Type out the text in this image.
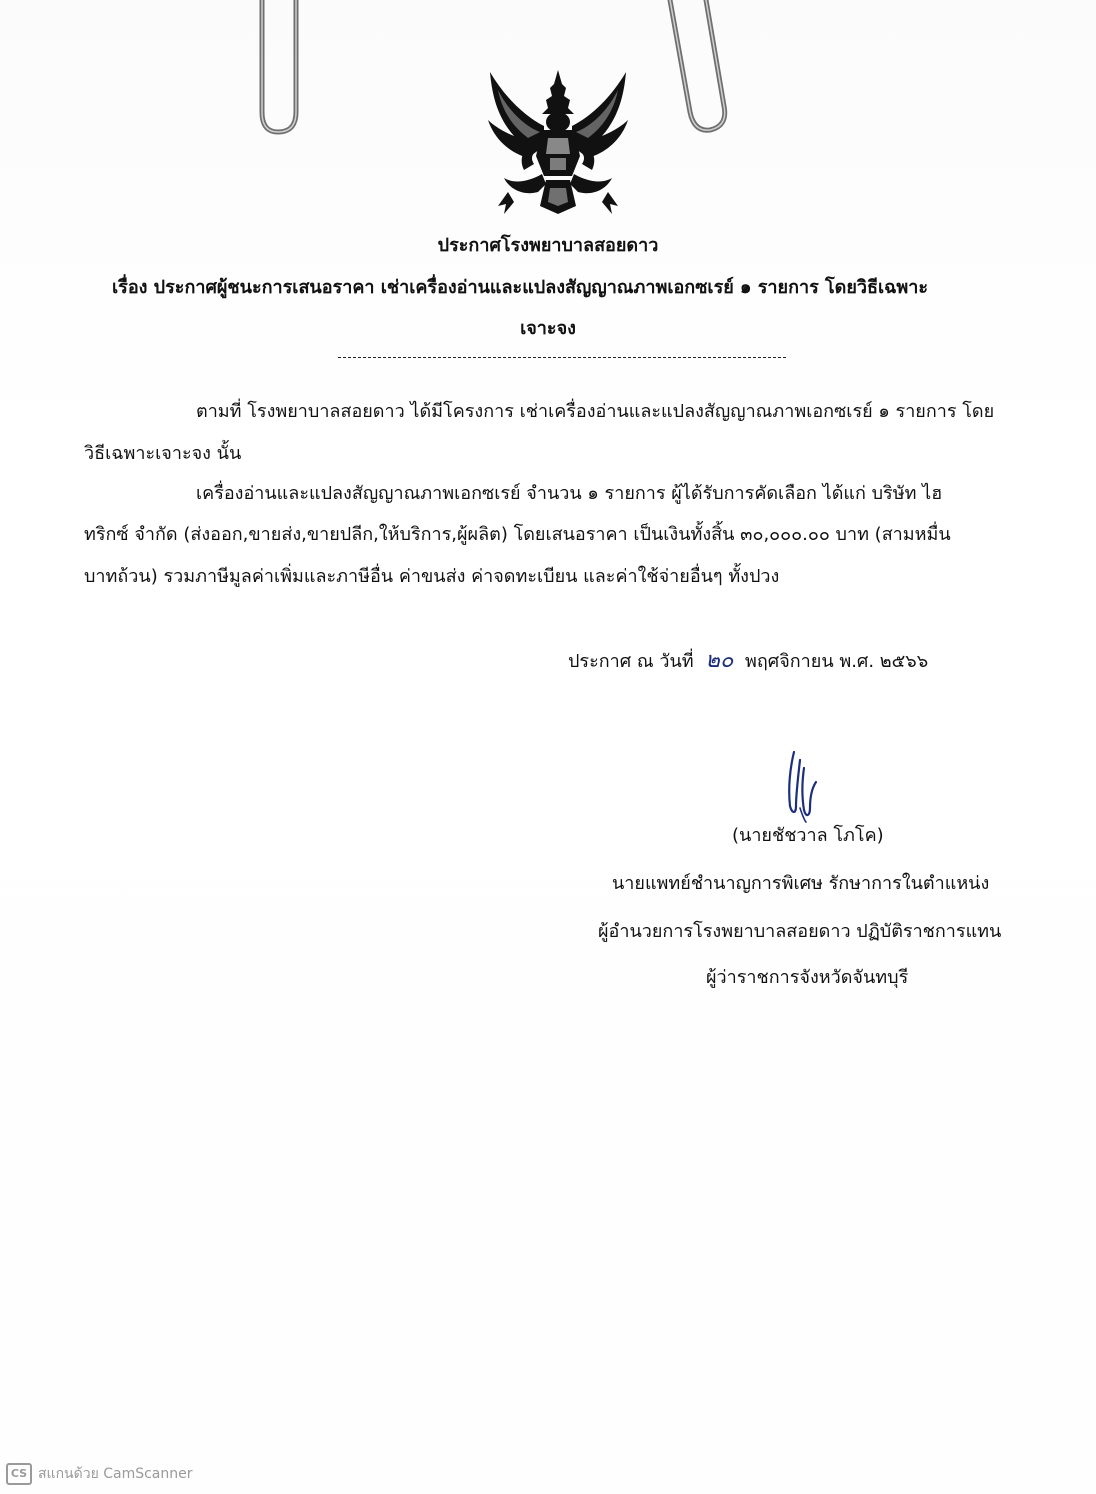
ประกาศโรงพยาบาลสอยดาว
เรื่อง ประกาศผู้ชนะการเสนอราคา เช่าเครื่องอ่านและแปลงสัญญาณภาพเอกซเรย์ ๑ รายการ โดยวิธีเฉพาะ
เจาะจง
ตามที่ โรงพยาบาลสอยดาว ได้มีโครงการ เช่าเครื่องอ่านและแปลงสัญญาณภาพเอกซเรย์ ๑ รายการ โดย
วิธีเฉพาะเจาะจง นั้น
เครื่องอ่านและแปลงสัญญาณภาพเอกซเรย์ จำนวน ๑ รายการ ผู้ได้รับการคัดเลือก ได้แก่ บริษัท ไฮ
ทริกซ์ จำกัด (ส่งออก,ขายส่ง,ขายปลีก,ให้บริการ,ผู้ผลิต) โดยเสนอราคา เป็นเงินทั้งสิ้น ๓๐,๐๐๐.๐๐ บาท (สามหมื่น
บาทถ้วน) รวมภาษีมูลค่าเพิ่มและภาษีอื่น ค่าขนส่ง ค่าจดทะเบียน และค่าใช้จ่ายอื่นๆ ทั้งปวง
ประกาศ ณ วันที่ ๒๐ พฤศจิกายน พ.ศ. ๒๕๖๖
(นายชัชวาล โภโค)
นายแพทย์ชำนาญการพิเศษ รักษาการในตำแหน่ง
ผู้อำนวยการโรงพยาบาลสอยดาว ปฏิบัติราชการแทน
ผู้ว่าราชการจังหวัดจันทบุรี
CS สแกนด้วย CamScanner
